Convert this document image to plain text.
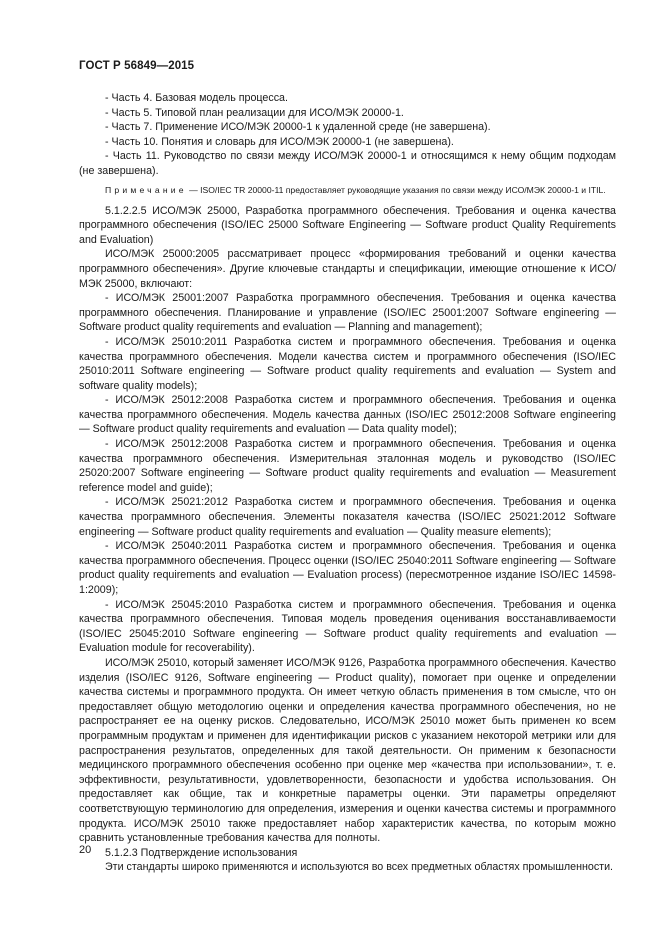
ГОСТ Р 56849—2015

- Часть 4. Базовая модель процесса.

- Часть 5. Типовой план реализации для ИСО/МЭК 20000-1.

- Часть 7. Применение ИСО/МЭК 20000-1 к удаленной среде (не завершена).

- Часть 10. Понятия и словарь для ИСО/МЭК 20000-1 (не завершена).

- Часть 11. Руководство по связи между ИСО/МЭК 20000-1 и относящимся к нему общим подходам (не завершена).

Примечание — ISO/IEC TR 20000-11 предоставляет руководящие указания по связи между ИСО/МЭК 20000-1 и ITIL.

5.1.2.2.5 ИСО/МЭК 25000, Разработка программного обеспечения. Требования и оценка качества программного обеспечения (ISO/IEC 25000 Software Engineering — Software product Quality Requirements and Evaluation)

ИСО/МЭК 25000:2005 рассматривает процесс «формирования требований и оценки качества программного обеспечения». Другие ключевые стандарты и спецификации, имеющие отношение к ИСО/МЭК 25000, включают:

- ИСО/МЭК 25001:2007 Разработка программного обеспечения. Требования и оценка качества программного обеспечения. Планирование и управление (ISO/IEC 25001:2007 Software engineering — Software product quality requirements and evaluation — Planning and management);

- ИСО/МЭК 25010:2011 Разработка систем и программного обеспечения. Требования и оценка качества программного обеспечения. Модели качества систем и программного обеспечения (ISO/IEC 25010:2011 Software engineering — Software product quality requirements and evaluation — System and software quality models);

- ИСО/МЭК 25012:2008 Разработка систем и программного обеспечения. Требования и оценка качества программного обеспечения. Модель качества данных (ISO/IEC 25012:2008 Software engineering — Software product quality requirements and evaluation — Data quality model);

- ИСО/МЭК 25012:2008 Разработка систем и программного обеспечения. Требования и оценка качества программного обеспечения. Измерительная эталонная модель и руководство (ISO/IEC 25020:2007 Software engineering — Software product quality requirements and evaluation — Measurement reference model and guide);

- ИСО/МЭК 25021:2012 Разработка систем и программного обеспечения. Требования и оценка качества программного обеспечения. Элементы показателя качества (ISO/IEC 25021:2012 Software engineering — Software product quality requirements and evaluation — Quality measure elements);

- ИСО/МЭК 25040:2011 Разработка систем и программного обеспечения. Требования и оценка качества программного обеспечения. Процесс оценки (ISO/IEC 25040:2011 Software engineering — Software product quality requirements and evaluation — Evaluation process) (пересмотренное издание ISO/IEC 14598-1:2009);

- ИСО/МЭК 25045:2010 Разработка систем и программного обеспечения. Требования и оценка качества программного обеспечения. Типовая модель проведения оценивания восстанавливаемости (ISO/IEC 25045:2010 Software engineering — Software product quality requirements and evaluation — Evaluation module for recoverability).

ИСО/МЭК 25010, который заменяет ИСО/МЭК 9126, Разработка программного обеспечения. Качество изделия (ISO/IEC 9126, Software engineering — Product quality), помогает при оценке и определении качества системы и программного продукта. Он имеет четкую область применения в том смысле, что он предоставляет общую методологию оценки и определения качества программного обеспечения, но не распространяет ее на оценку рисков. Следовательно, ИСО/МЭК 25010 может быть применен ко всем программным продуктам и применен для идентификации рисков с указанием некоторой метрики или для распространения результатов, определенных для такой деятельности. Он применим к безопасности медицинского программного обеспечения особенно при оценке мер «качества при использовании», т. е. эффективности, результативности, удовлетворенности, безопасности и удобства использования. Он предоставляет как общие, так и конкретные параметры оценки. Эти параметры определяют соответствующую терминологию для определения, измерения и оценки качества системы и программного продукта. ИСО/МЭК 25010 также предоставляет набор характеристик качества, по которым можно сравнить установленные требования качества для полноты.

5.1.2.3 Подтверждение использования

Эти стандарты широко применяются и используются во всех предметных областях промышленности.

20
